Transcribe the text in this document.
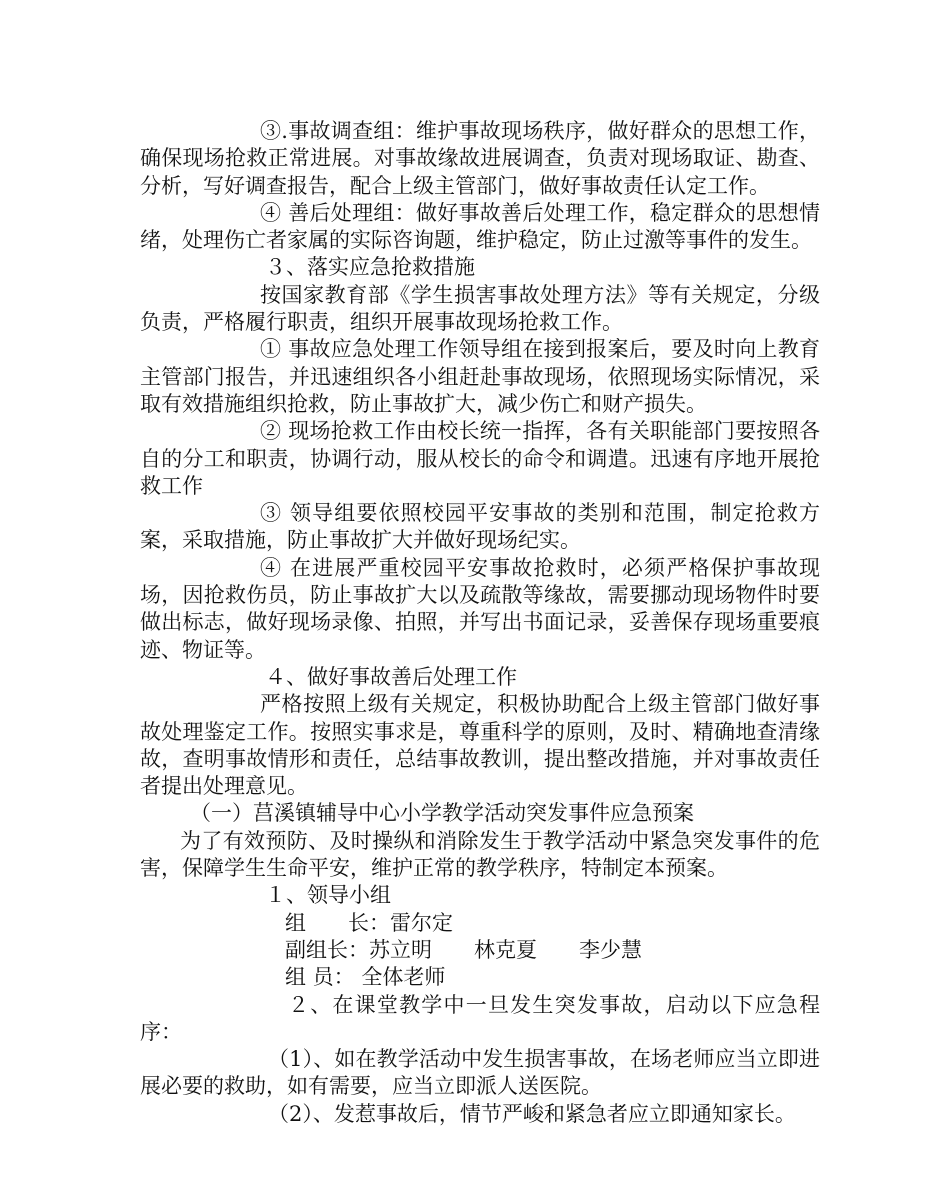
③.事故调查组：维护事故现场秩序，做好群众的思想工作，确保现场抢救正常进展。对事故缘故进展调查，负责对现场取证、勘查、分析，写好调查报告，配合上级主管部门，做好事故责任认定工作。

④ 善后处理组：做好事故善后处理工作，稳定群众的思想情绪，处理伤亡者家属的实际咨询题，维护稳定，防止过激等事件的发生。

３、落实应急抢救措施

按国家教育部《学生损害事故处理方法》等有关规定，分级负责，严格履行职责，组织开展事故现场抢救工作。

① 事故应急处理工作领导组在接到报案后，要及时向上教育主管部门报告，并迅速组织各小组赶赴事故现场，依照现场实际情况，采取有效措施组织抢救，防止事故扩大，减少伤亡和财产损失。

② 现场抢救工作由校长统一指挥，各有关职能部门要按照各自的分工和职责，协调行动，服从校长的命令和调遣。迅速有序地开展抢救工作

③ 领导组要依照校园平安事故的类别和范围，制定抢救方案，采取措施，防止事故扩大并做好现场纪实。

④ 在进展严重校园平安事故抢救时，必须严格保护事故现场，因抢救伤员，防止事故扩大以及疏散等缘故，需要挪动现场物件时要做出标志，做好现场录像、拍照，并写出书面记录，妥善保存现场重要痕迹、物证等。

４、做好事故善后处理工作

严格按照上级有关规定，积极协助配合上级主管部门做好事故处理鉴定工作。按照实事求是，尊重科学的原则，及时、精确地查清缘故，查明事故情形和责任，总结事故教训，提出整改措施，并对事故责任者提出处理意见。

（一）莒溪镇辅导中心小学教学活动突发事件应急预案

为了有效预防、及时操纵和消除发生于教学活动中紧急突发事件的危害，保障学生生命平安，维护正常的教学秩序，特制定本预案。

１、领导小组

组　　长：雷尔定

副组长：苏立明　　林克夏　　李少慧

组 员： 全体老师

２、在课堂教学中一旦发生突发事故，启动以下应急程序：

（1）、如在教学活动中发生损害事故，在场老师应当立即进展必要的救助，如有需要，应当立即派人送医院。

（2）、发惹事故后，情节严峻和紧急者应立即通知家长。
